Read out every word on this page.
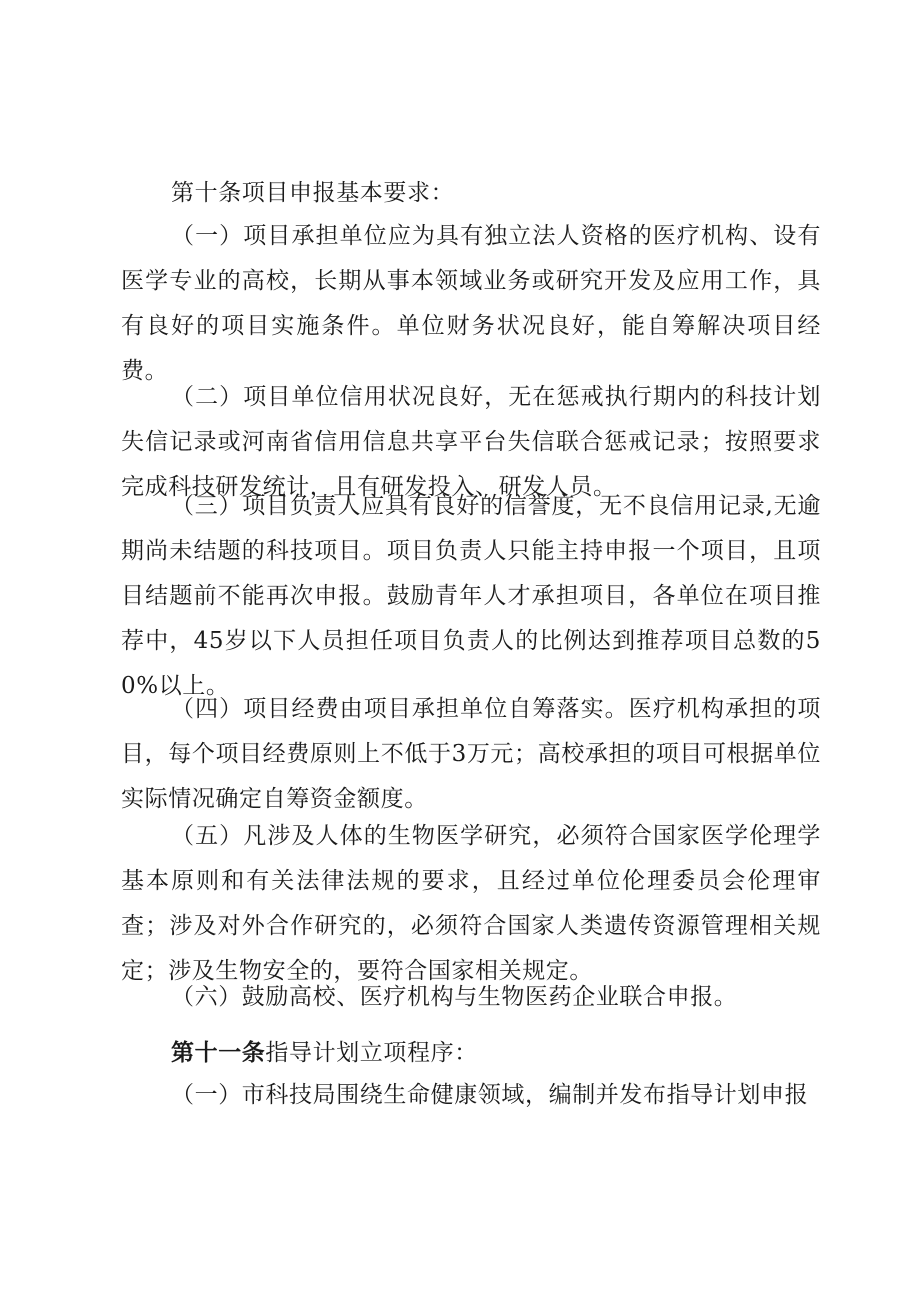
第十条项目申报基本要求：

（一）项目承担单位应为具有独立法人资格的医疗机构、设有医学专业的高校，长期从事本领域业务或研究开发及应用工作，具有良好的项目实施条件。单位财务状况良好，能自筹解决项目经费。

（二）项目单位信用状况良好，无在惩戒执行期内的科技计划失信记录或河南省信用信息共享平台失信联合惩戒记录；按照要求完成科技研发统计，且有研发投入、研发人员。

（三）项目负责人应具有良好的信誉度，无不良信用记录,无逾期尚未结题的科技项目。项目负责人只能主持申报一个项目，且项目结题前不能再次申报。鼓励青年人才承担项目，各单位在项目推荐中，45岁以下人员担任项目负责人的比例达到推荐项目总数的50%以上。

（四）项目经费由项目承担单位自筹落实。医疗机构承担的项目，每个项目经费原则上不低于3万元；高校承担的项目可根据单位实际情况确定自筹资金额度。

（五）凡涉及人体的生物医学研究，必须符合国家医学伦理学基本原则和有关法律法规的要求，且经过单位伦理委员会伦理审查；涉及对外合作研究的，必须符合国家人类遗传资源管理相关规定；涉及生物安全的，要符合国家相关规定。

（六）鼓励高校、医疗机构与生物医药企业联合申报。

第十一条指导计划立项程序：

（一）市科技局围绕生命健康领域，编制并发布指导计划申报
